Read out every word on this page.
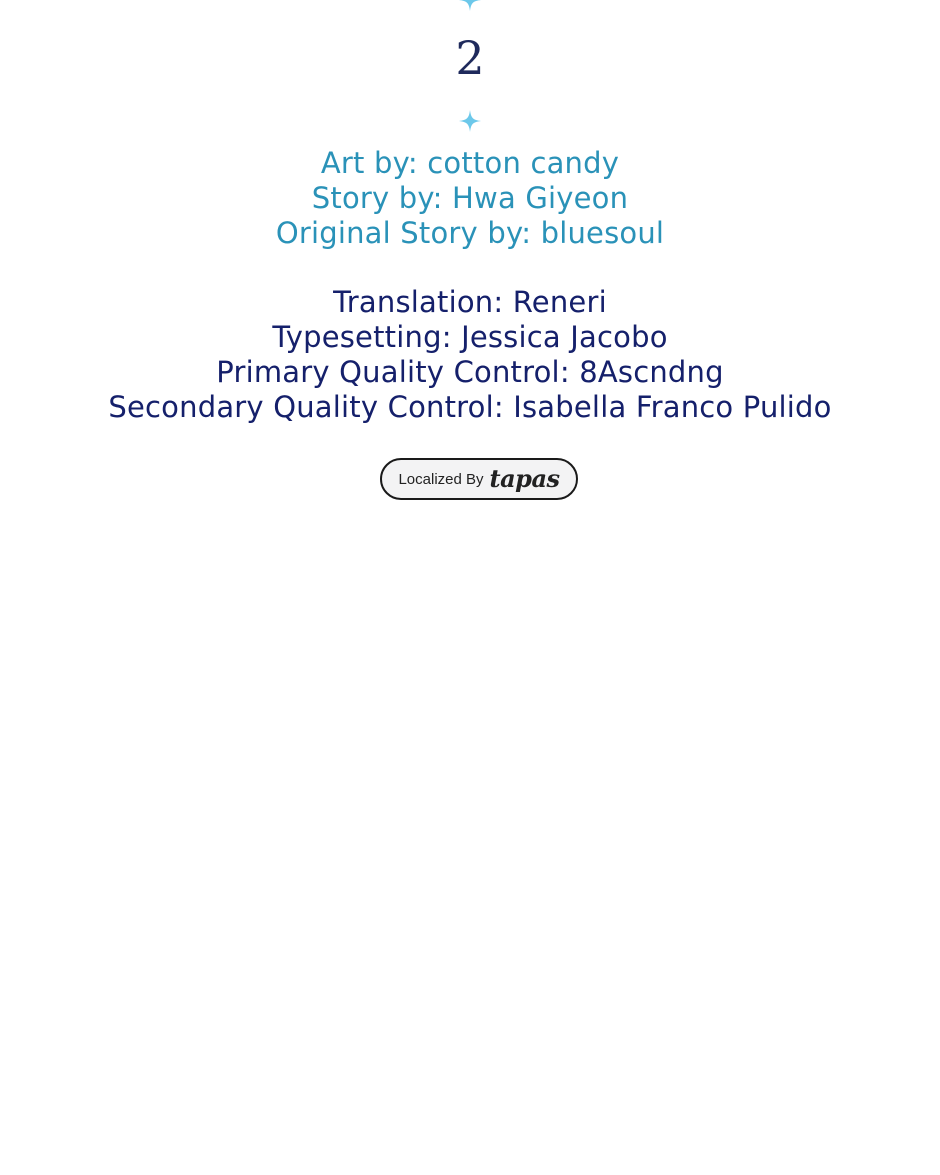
2
Art by: cotton candy
Story by: Hwa Giyeon
Original Story by: bluesoul
Translation: Reneri
Typesetting: Jessica Jacobo
Primary Quality Control: 8Ascndng
Secondary Quality Control: Isabella Franco Pulido
Localized By tapas
